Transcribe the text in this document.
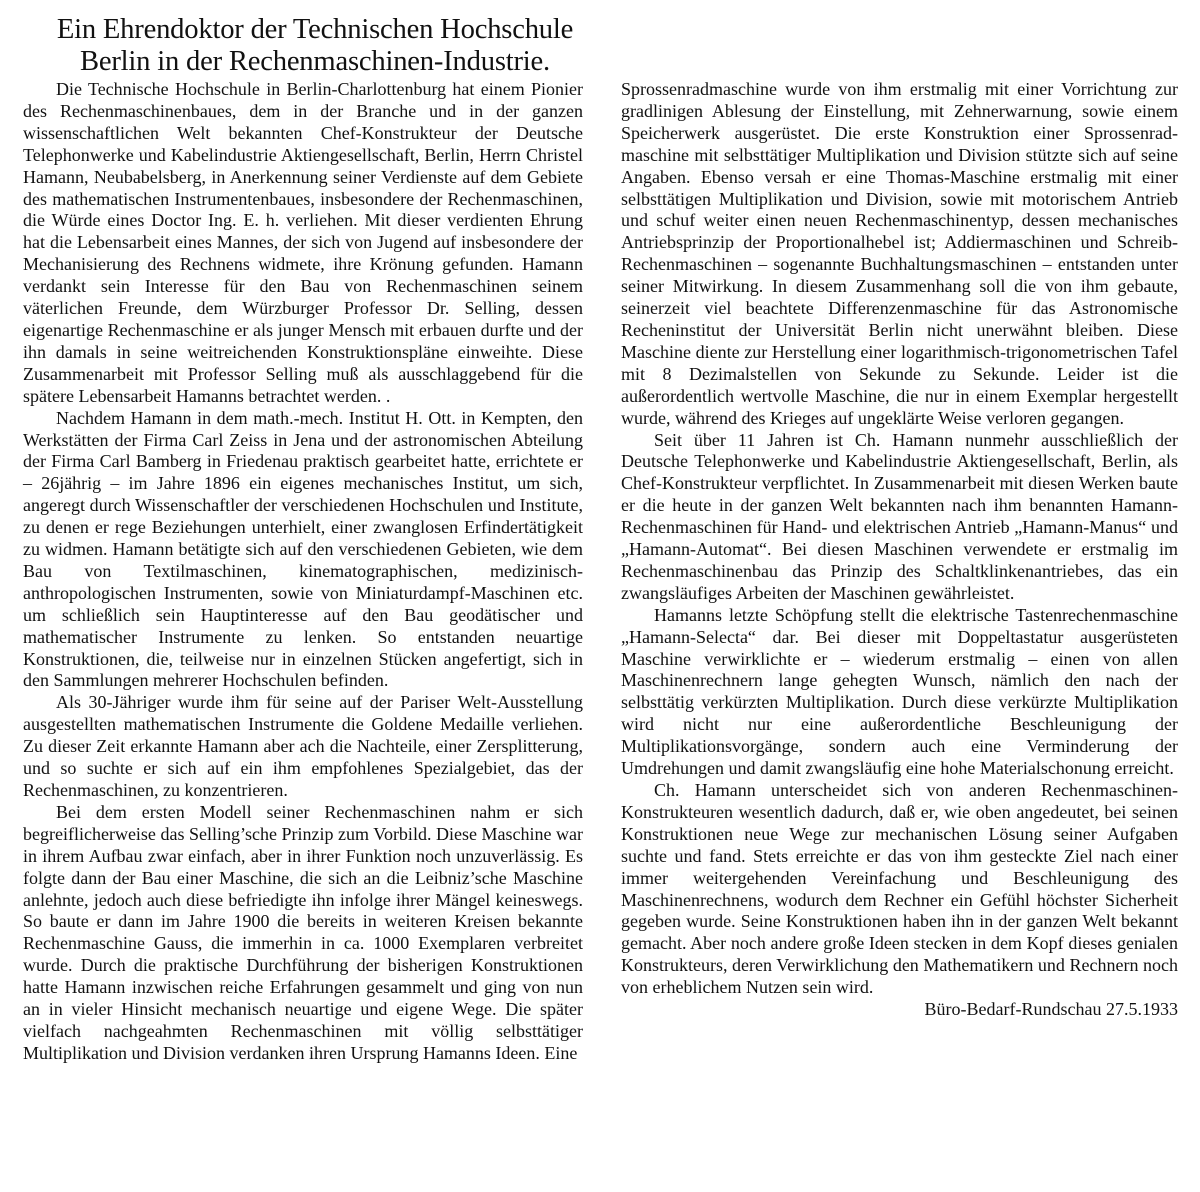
Ein Ehrendoktor der Technischen Hochschule
Berlin in der Rechenmaschinen-Industrie.

Die Technische Hochschule in Berlin-Charlottenburg hat einem Pionier des Rechenmaschinenbaues, dem in der Branche und in der ganzen wissenschaftlichen Welt bekannten Chef-Konstrukteur der Deutsche Telephonwerke und Kabelindustrie Aktiengesellschaft, Berlin, Herrn Christel Hamann, Neubabelsberg, in Anerkennung seiner Verdienste auf dem Gebiete des mathematischen Instrumentenbaues, insbesondere der Rechenmaschinen, die Würde eines Doctor Ing. E. h. verliehen. Mit dieser verdienten Ehrung hat die Lebensarbeit eines Mannes, der sich von Jugend auf insbesondere der Mechanisierung des Rechnens widmete, ihre Krönung gefunden. Hamann verdankt sein Interesse für den Bau von Rechenmaschinen seinem väterlichen Freunde, dem Würzburger Professor Dr. Selling, dessen eigenartige Rechenmaschine er als junger Mensch mit erbauen durfte und der ihn damals in seine weitreichenden Konstruktionspläne einweihte. Diese Zusammenarbeit mit Professor Selling muß als ausschlaggebend für die spätere Lebensarbeit Hamanns betrachtet werden. .

Nachdem Hamann in dem math.-mech. Institut H. Ott. in Kempten, den Werkstätten der Firma Carl Zeiss in Jena und der astronomischen Abteilung der Firma Carl Bamberg in Friedenau praktisch gearbeitet hatte, errichtete er – 26jährig – im Jahre 1896 ein eigenes mechanisches Institut, um sich, angeregt durch Wissenschaftler der verschiedenen Hochschulen und Institute, zu denen er rege Beziehungen unterhielt, einer zwanglosen Erfindertätigkeit zu widmen. Hamann betätigte sich auf den verschiedenen Gebieten, wie dem Bau von Textilmaschinen, kinematographischen, medizinisch-anthropologischen Instrumenten, sowie von Miniaturdampf-Maschinen etc. um schließlich sein Hauptinteresse auf den Bau geodätischer und mathematischer Instrumente zu lenken. So entstanden neuartige Konstruktionen, die, teilweise nur in einzelnen Stücken angefertigt, sich in den Sammlungen mehrerer Hochschulen befinden.

Als 30-Jähriger wurde ihm für seine auf der Pariser Welt-Ausstellung ausgestellten mathematischen Instrumente die Goldene Medaille verliehen. Zu dieser Zeit erkannte Hamann aber ach die Nachteile, einer Zersplitterung, und so suchte er sich auf ein ihm empfohlenes Spezialgebiet, das der Rechenmaschinen, zu konzentrieren.

Bei dem ersten Modell seiner Rechenmaschinen nahm er sich begreiflicherweise das Selling’sche Prinzip zum Vorbild. Diese Maschine war in ihrem Aufbau zwar einfach, aber in ihrer Funktion noch unzuverlässig. Es folgte dann der Bau einer Maschine, die sich an die Leibniz’sche Maschine anlehnte, jedoch auch diese befriedigte ihn infolge ihrer Mängel keineswegs. So baute er dann im Jahre 1900 die bereits in weiteren Kreisen bekannte Rechenmaschine Gauss, die immerhin in ca. 1000 Exemplaren verbreitet wurde. Durch die praktische Durchführung der bisherigen Konstruktionen hatte Hamann inzwischen reiche Erfahrungen gesammelt und ging von nun an in vieler Hinsicht mechanisch neuartige und eigene Wege. Die später vielfach nachgeahmten Rechenmaschinen mit völlig selbsttätiger Multiplikation und Division verdanken ihren Ursprung Hamanns Ideen. Eine

Sprossenradmaschine wurde von ihm erstmalig mit einer Vorrichtung zur gradlinigen Ablesung der Einstellung, mit Zehnerwarnung, sowie einem Speicherwerk ausgerüstet. Die erste Konstruktion einer Sprossenradmaschine mit selbsttätiger Multiplikation und Division stützte sich auf seine Angaben. Ebenso versah er eine Thomas-Maschine erstmalig mit einer selbsttätigen Multiplikation und Division, sowie mit motorischem Antrieb und schuf weiter einen neuen Rechenmaschinentyp, dessen mechanisches Antriebsprinzip der Proportionalhebel ist; Addiermaschinen und Schreib-Rechenmaschinen – sogenannte Buchhaltungsmaschinen – entstanden unter seiner Mitwirkung. In diesem Zusammenhang soll die von ihm gebaute, seinerzeit viel beachtete Differenzenmaschine für das Astronomische Recheninstitut der Universität Berlin nicht unerwähnt bleiben. Diese Maschine diente zur Herstellung einer logarithmisch-trigonometrischen Tafel mit 8 Dezimalstellen von Sekunde zu Sekunde. Leider ist die außerordentlich wertvolle Maschine, die nur in einem Exemplar hergestellt wurde, während des Krieges auf ungeklärte Weise verloren gegangen.

Seit über 11 Jahren ist Ch. Hamann nunmehr ausschließlich der Deutsche Telephonwerke und Kabelindustrie Aktiengesellschaft, Berlin, als Chef-Konstrukteur verpflichtet. In Zusammenarbeit mit diesen Werken baute er die heute in der ganzen Welt bekannten nach ihm benannten Hamann-Rechenmaschinen für Hand- und elektrischen Antrieb „Hamann-Manus“ und „Hamann-Automat“. Bei diesen Maschinen verwendete er erstmalig im Rechenmaschinenbau das Prinzip des Schaltklinkenantriebes, das ein zwangsläufiges Arbeiten der Maschinen gewährleistet.

Hamanns letzte Schöpfung stellt die elektrische Tastenrechenmaschine „Hamann-Selecta“ dar. Bei dieser mit Doppeltastatur ausgerüsteten Maschine verwirklichte er – wiederum erstmalig – einen von allen Maschinenrechnern lange gehegten Wunsch, nämlich den nach der selbsttätig verkürzten Multiplikation. Durch diese verkürzte Multiplikation wird nicht nur eine außerordentliche Beschleunigung der Multiplikationsvorgänge, sondern auch eine Verminderung der Umdrehungen und damit zwangsläufig eine hohe Materialschonung erreicht.

Ch. Hamann unterscheidet sich von anderen Rechenmaschinen-Konstrukteuren wesentlich dadurch, daß er, wie oben angedeutet, bei seinen Konstruktionen neue Wege zur mechanischen Lösung seiner Aufgaben suchte und fand. Stets erreichte er das von ihm gesteckte Ziel nach einer immer weitergehenden Vereinfachung und Beschleunigung des Maschinenrechnens, wodurch dem Rechner ein Gefühl höchster Sicherheit gegeben wurde. Seine Konstruktionen haben ihn in der ganzen Welt bekannt gemacht. Aber noch andere große Ideen stecken in dem Kopf dieses genialen Konstrukteurs, deren Verwirklichung den Mathematikern und Rechnern noch von erheblichem Nutzen sein wird.

Büro-Bedarf-Rundschau 27.5.1933
